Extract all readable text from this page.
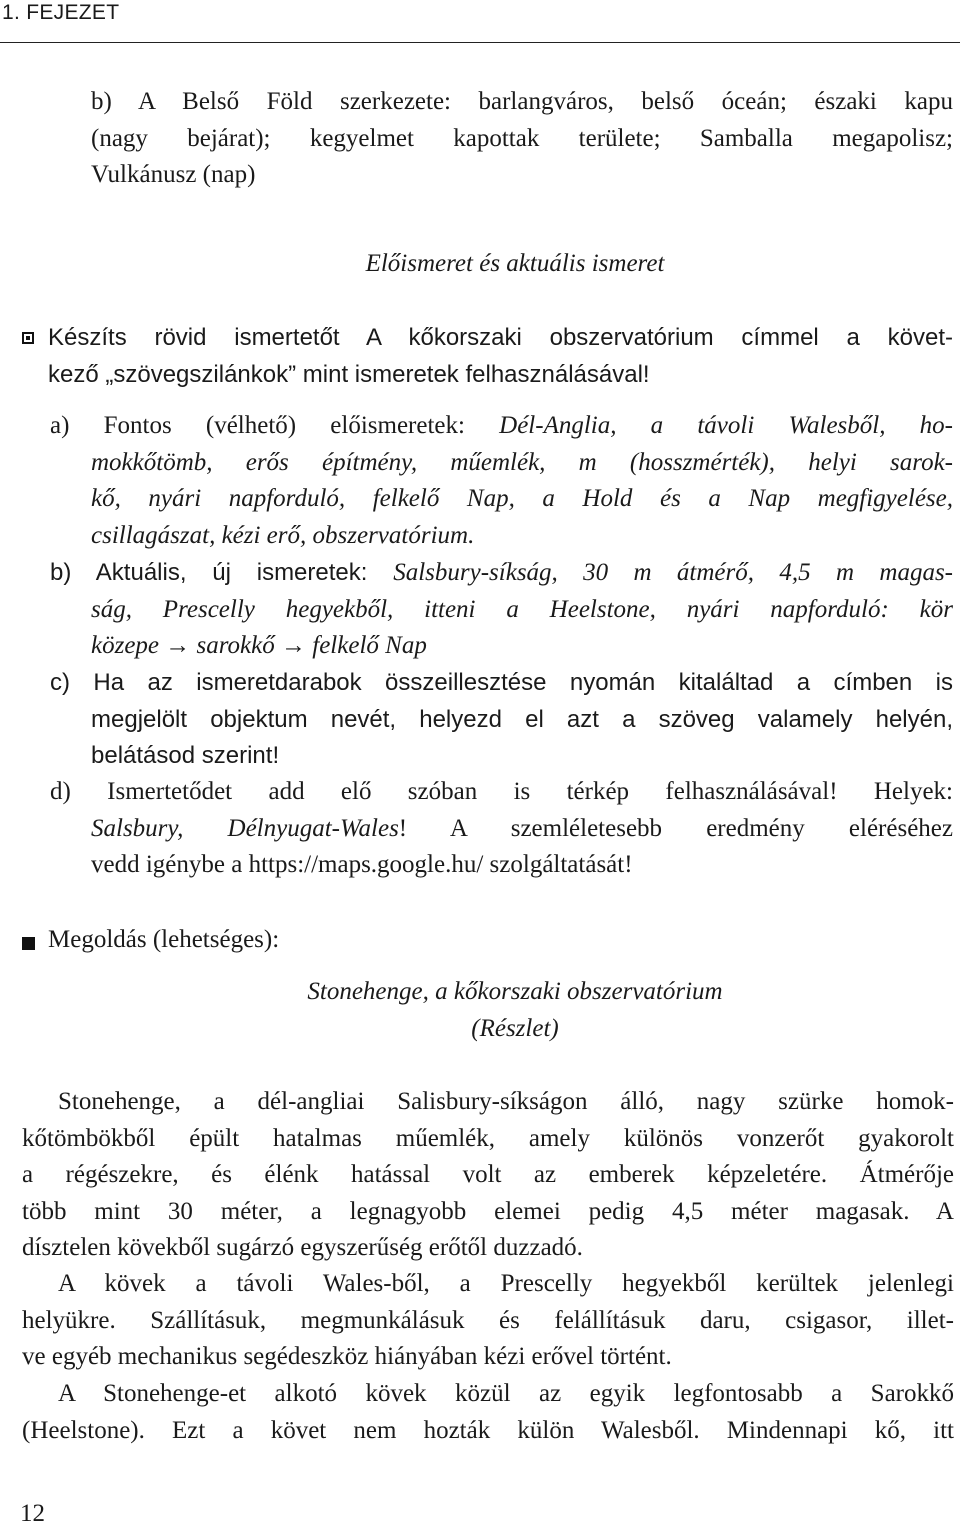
1. FEJEZET
b) A Belső Föld szerkezete: barlangváros, belső óceán; északi kapu
(nagy bejárat); kegyelmet kapottak területe; Samballa megapolisz;
Vulkánusz (nap)
Előismeret és aktuális ismeret
Készíts rövid ismertetőt A kőkorszaki obszervatórium címmel a követ-
kező „szövegszilánkok” mint ismeretek felhasználásával!
a) Fontos (vélhető) előismeretek: Dél-Anglia, a távoli Walesből, ho-
mokkőtömb, erős építmény, műemlék, m (hosszmérték), helyi sarok-
kő, nyári napforduló, felkelő Nap, a Hold és a Nap megfigyelése,
csillagászat, kézi erő, obszervatórium.
b) Aktuális, új ismeretek: Salsbury-síkság, 30 m átmérő, 4,5 m magas-
ság, Prescelly hegyekből, itteni a Heelstone, nyári napforduló: kör
közepe → sarokkő → felkelő Nap
c) Ha az ismeretdarabok összeillesztése nyomán kitaláltad a címben is
megjelölt objektum nevét, helyezd el azt a szöveg valamely helyén,
belátásod szerint!
d) Ismertetődet add elő szóban is térkép felhasználásával! Helyek:
Salsbury, Délnyugat-Wales! A szemléletesebb eredmény eléréséhez
vedd igénybe a https://maps.google.hu/ szolgáltatását!
Megoldás (lehetséges):
Stonehenge, a kőkorszaki obszervatórium
(Részlet)
Stonehenge, a dél-angliai Salisbury-síkságon álló, nagy szürke homok-
kőtömbökből épült hatalmas műemlék, amely különös vonzerőt gyakorolt
a régészekre, és élénk hatással volt az emberek képzeletére. Átmérője
több mint 30 méter, a legnagyobb elemei pedig 4,5 méter magasak. A
dísztelen kövekből sugárzó egyszerűség erőtől duzzadó.
A kövek a távoli Wales-ből, a Prescelly hegyekből kerültek jelenlegi
helyükre. Szállításuk, megmunkálásuk és felállításuk daru, csigasor, illet-
ve egyéb mechanikus segédeszköz hiányában kézi erővel történt.
A Stonehenge-et alkotó kövek közül az egyik legfontosabb a Sarokkő
(Heelstone). Ezt a követ nem hozták külön Walesből. Mindennapi kő, itt
12
